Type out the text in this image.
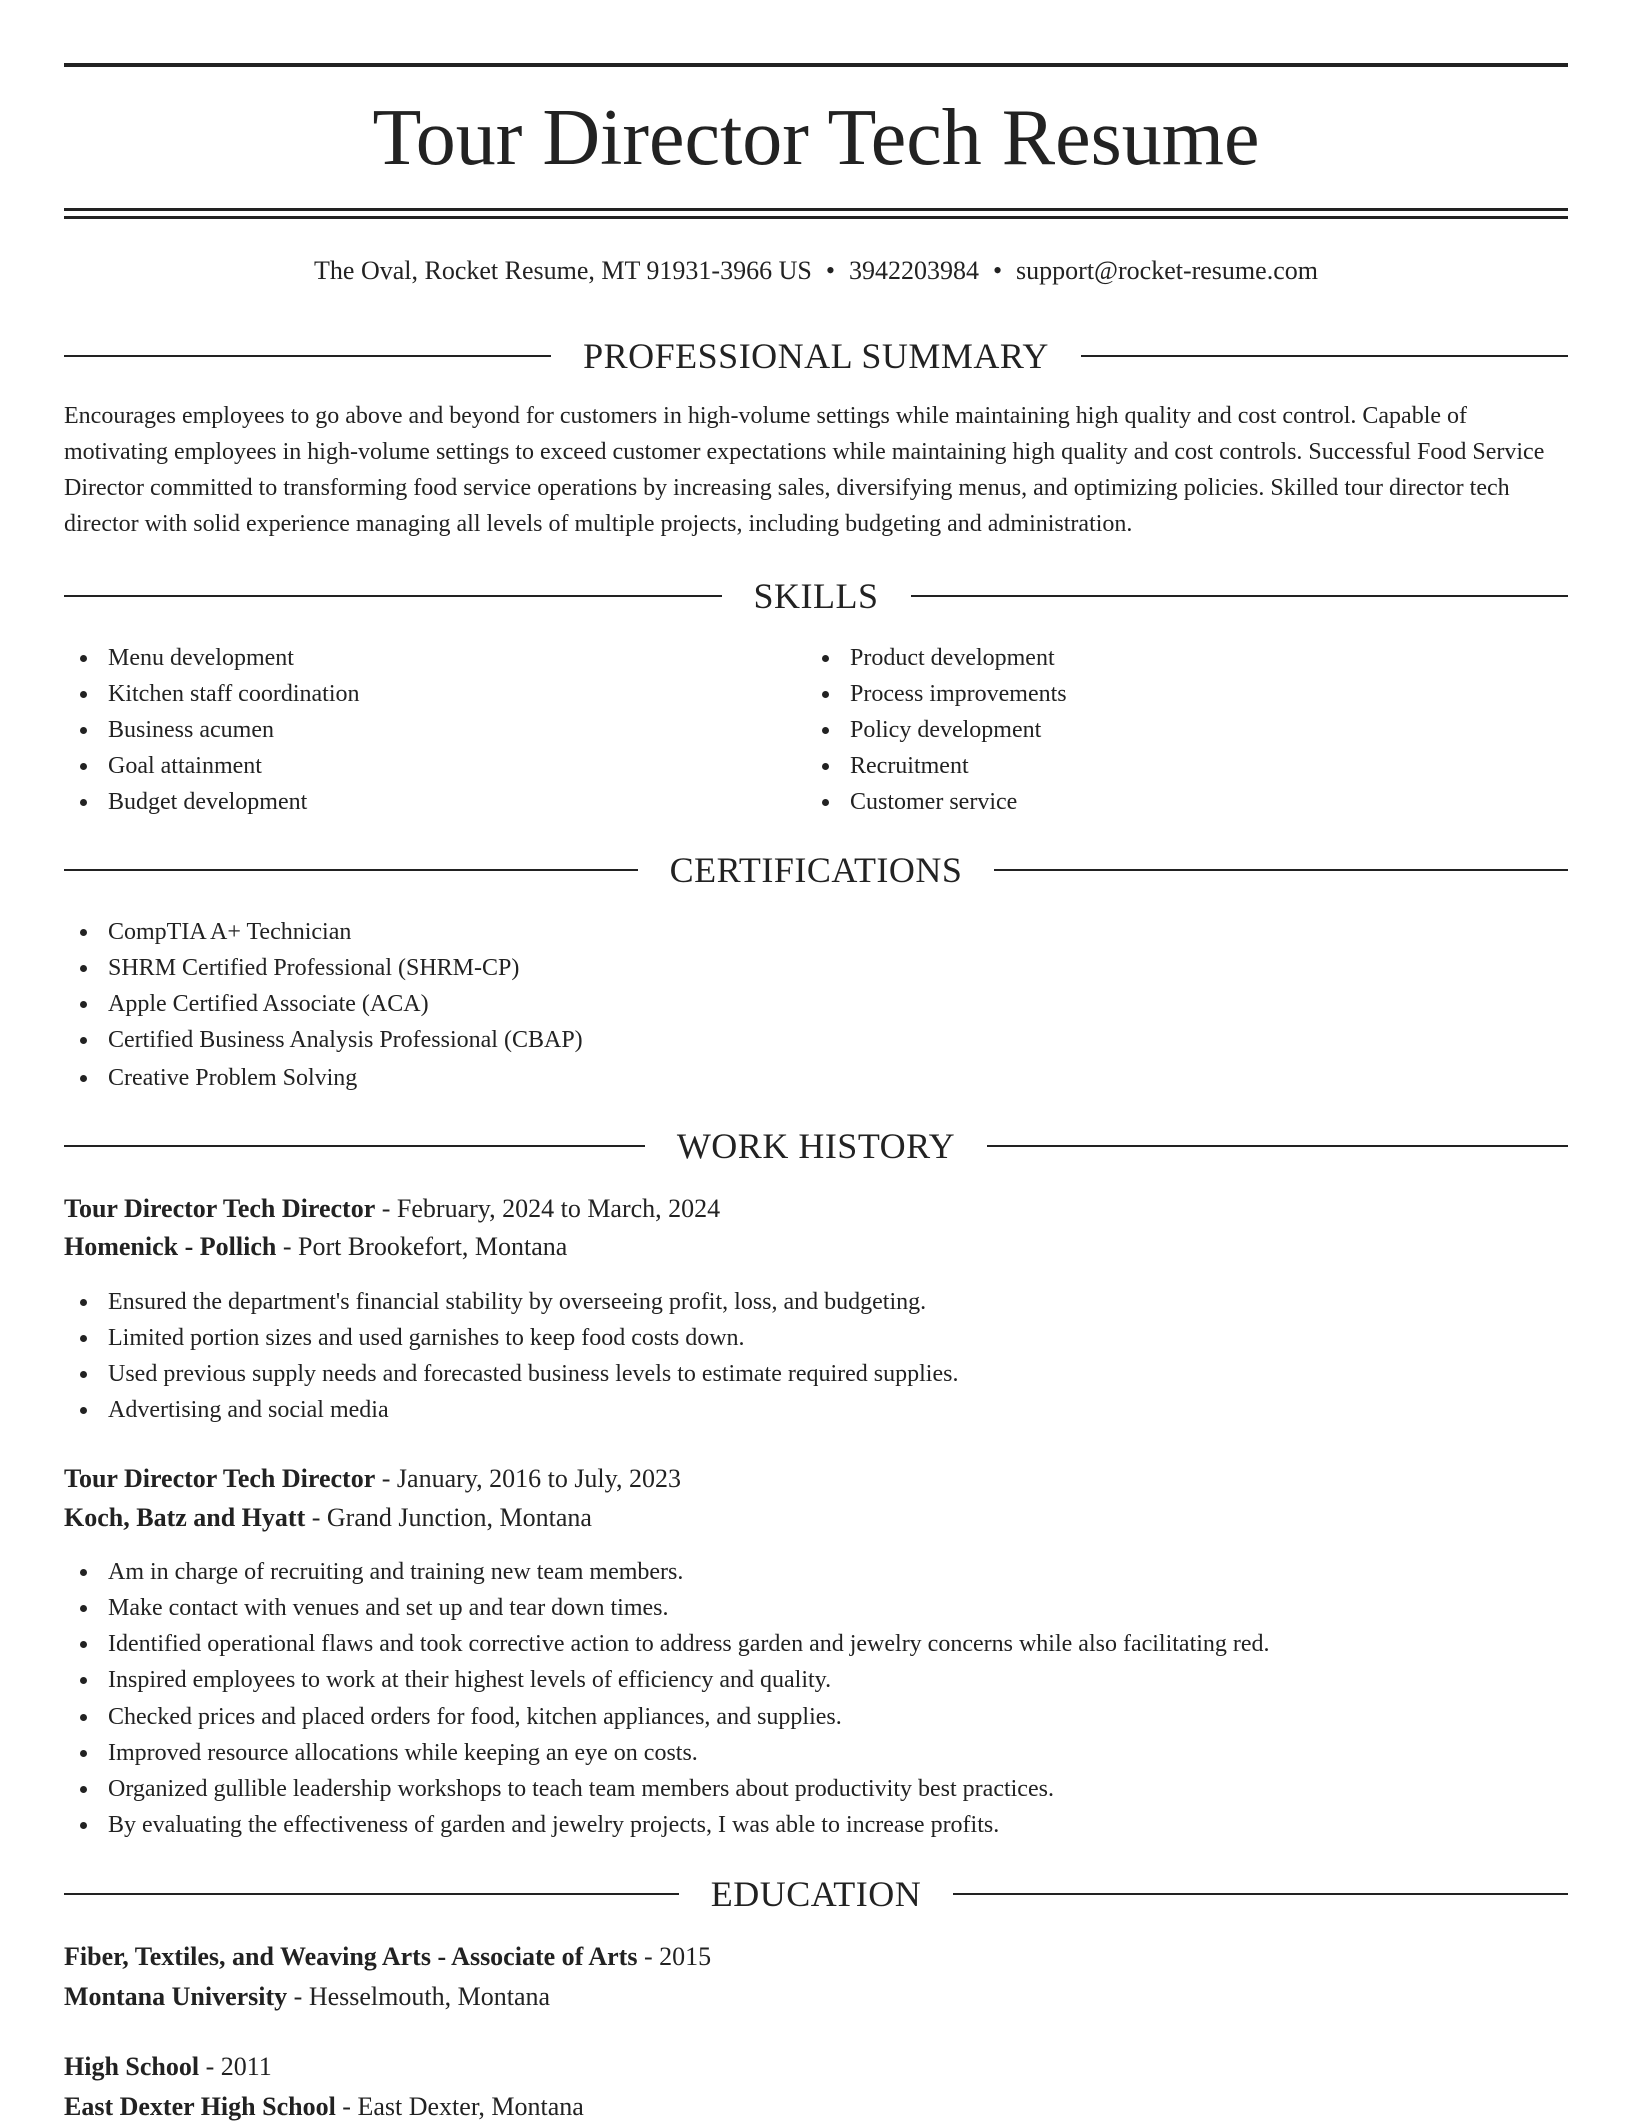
Tour Director Tech Resume
The Oval, Rocket Resume, MT 91931-3966 US • 3942203984 • support@rocket-resume.com
PROFESSIONAL SUMMARY

Encourages employees to go above and beyond for customers in high-volume settings while maintaining high quality and cost control. Capable of motivating employees in high-volume settings to exceed customer expectations while maintaining high quality and cost controls. Successful Food Service Director committed to transforming food service operations by increasing sales, diversifying menus, and optimizing policies. Skilled tour director tech director with solid experience managing all levels of multiple projects, including budgeting and administration.

SKILLS
Menu development
Kitchen staff coordination
Business acumen
Goal attainment
Budget development
Product development
Process improvements
Policy development
Recruitment
Customer service
CERTIFICATIONS
CompTIA A+ Technician
SHRM Certified Professional (SHRM-CP)
Apple Certified Associate (ACA)
Certified Business Analysis Professional (CBAP)
Creative Problem Solving
WORK HISTORY
Tour Director Tech Director - February, 2024 to March, 2024
Homenick - Pollich - Port Brookefort, Montana
Ensured the department's financial stability by overseeing profit, loss, and budgeting.
Limited portion sizes and used garnishes to keep food costs down.
Used previous supply needs and forecasted business levels to estimate required supplies.
Advertising and social media
Tour Director Tech Director - January, 2016 to July, 2023
Koch, Batz and Hyatt - Grand Junction, Montana
Am in charge of recruiting and training new team members.
Make contact with venues and set up and tear down times.
Identified operational flaws and took corrective action to address garden and jewelry concerns while also facilitating red.
Inspired employees to work at their highest levels of efficiency and quality.
Checked prices and placed orders for food, kitchen appliances, and supplies.
Improved resource allocations while keeping an eye on costs.
Organized gullible leadership workshops to teach team members about productivity best practices.
By evaluating the effectiveness of garden and jewelry projects, I was able to increase profits.
EDUCATION
Fiber, Textiles, and Weaving Arts - Associate of Arts - 2015
Montana University - Hesselmouth, Montana
High School - 2011
East Dexter High School - East Dexter, Montana
